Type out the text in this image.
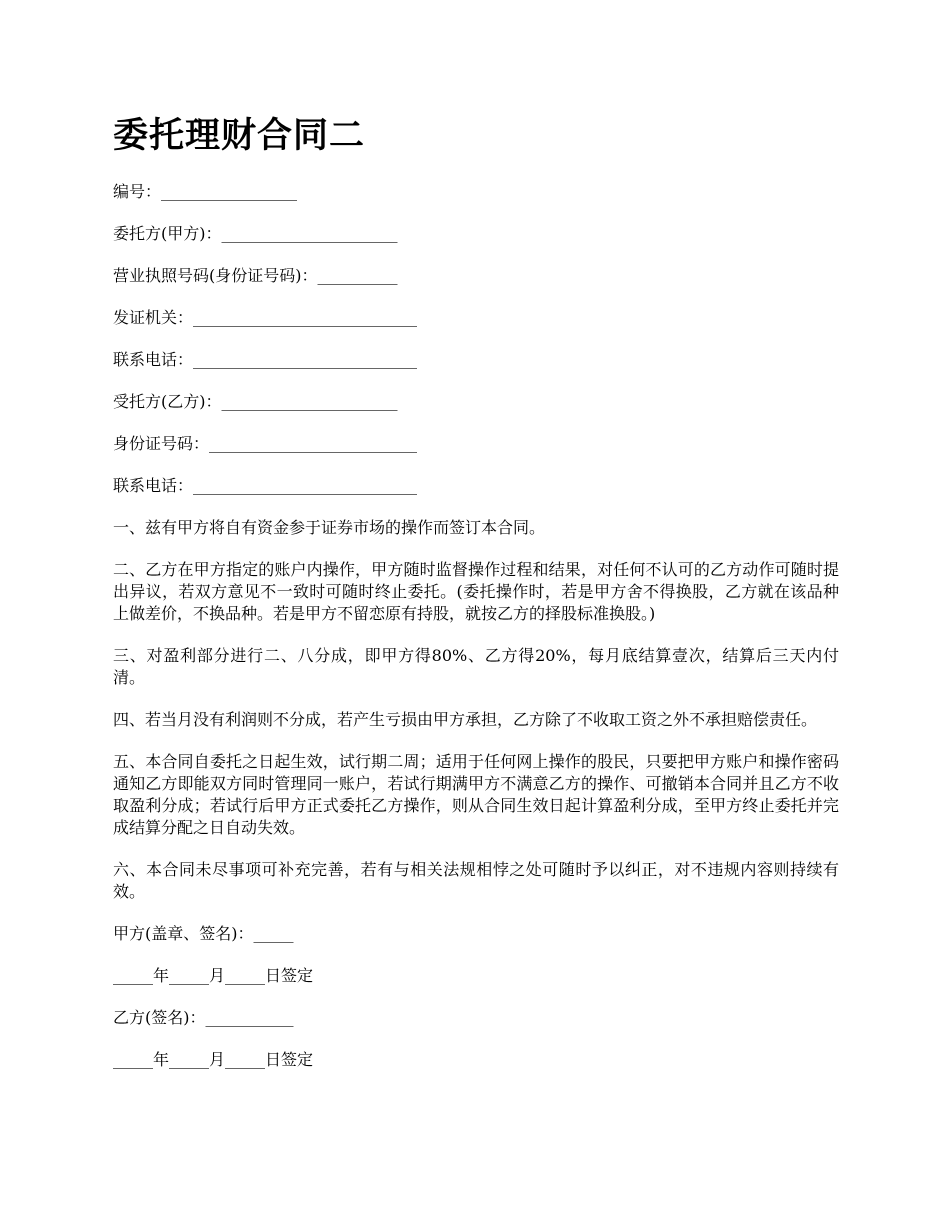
委托理财合同二
编号：_________________
委托方(甲方)：______________________
营业执照号码(身份证号码)：__________
发证机关：____________________________
联系电话：____________________________
受托方(乙方)：______________________
身份证号码：__________________________
联系电话：____________________________

一、兹有甲方将自有资金参于证券市场的操作而签订本合同。

二、乙方在甲方指定的账户内操作，甲方随时监督操作过程和结果，对任何不认可的乙方动作可随时提出异议，若双方意见不一致时可随时终止委托。(委托操作时，若是甲方舍不得换股，乙方就在该品种上做差价，不换品种。若是甲方不留恋原有持股，就按乙方的择股标准换股。)

三、对盈利部分进行二、八分成，即甲方得80%、乙方得20%，每月底结算壹次，结算后三天内付清。

四、若当月没有利润则不分成，若产生亏损由甲方承担，乙方除了不收取工资之外不承担赔偿责任。

五、本合同自委托之日起生效，试行期二周；适用于任何网上操作的股民，只要把甲方账户和操作密码通知乙方即能双方同时管理同一账户，若试行期满甲方不满意乙方的操作、可撤销本合同并且乙方不收取盈利分成；若试行后甲方正式委托乙方操作，则从合同生效日起计算盈利分成，至甲方终止委托并完成结算分配之日自动失效。

六、本合同未尽事项可补充完善，若有与相关法规相悖之处可随时予以纠正，对不违规内容则持续有效。

甲方(盖章、签名)：_____
_____年_____月_____日签定
乙方(签名)：___________
_____年_____月_____日签定
